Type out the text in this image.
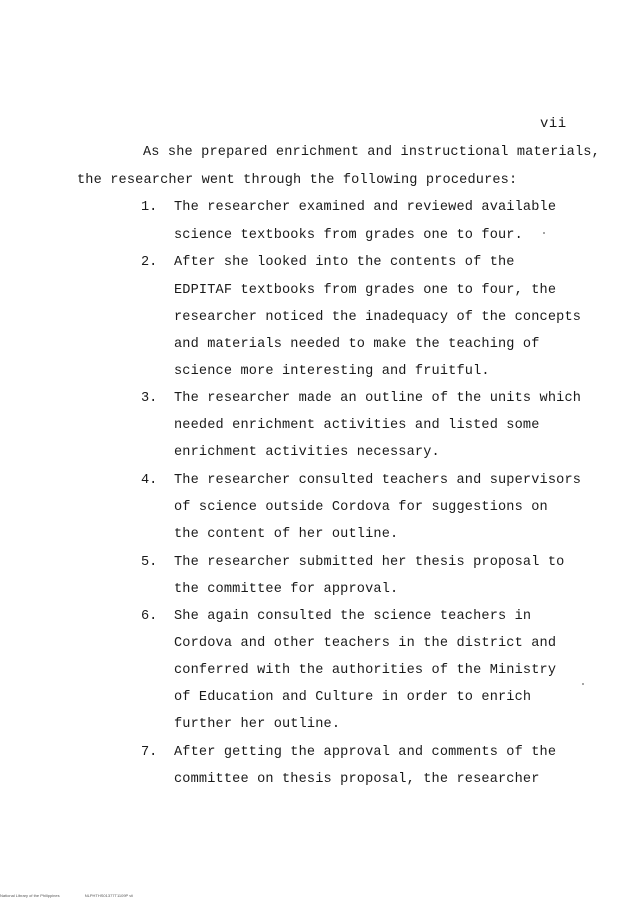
vii
As she prepared enrichment and instructional materials,
the researcher went through the following procedures:
1. The researcher examined and reviewed available
science textbooks from grades one to four.
2. After she looked into the contents of the
EDPITAF textbooks from grades one to four, the
researcher noticed the inadequacy of the concepts
and materials needed to make the teaching of
science more interesting and fruitful.
3. The researcher made an outline of the units which
needed enrichment activities and listed some
enrichment activities necessary.
4. The researcher consulted teachers and supervisors
of science outside Cordova for suggestions on
the content of her outline.
5. The researcher submitted her thesis proposal to
the committee for approval.
6. She again consulted the science teachers in
Cordova and other teachers in the district and
conferred with the authorities of the Ministry
of Education and Culture in order to enrich
further her outline.
7. After getting the approval and comments of the
committee on thesis proposal, the researcher
National Library of the Philippines	NLPHTHS01377T1109P vii
